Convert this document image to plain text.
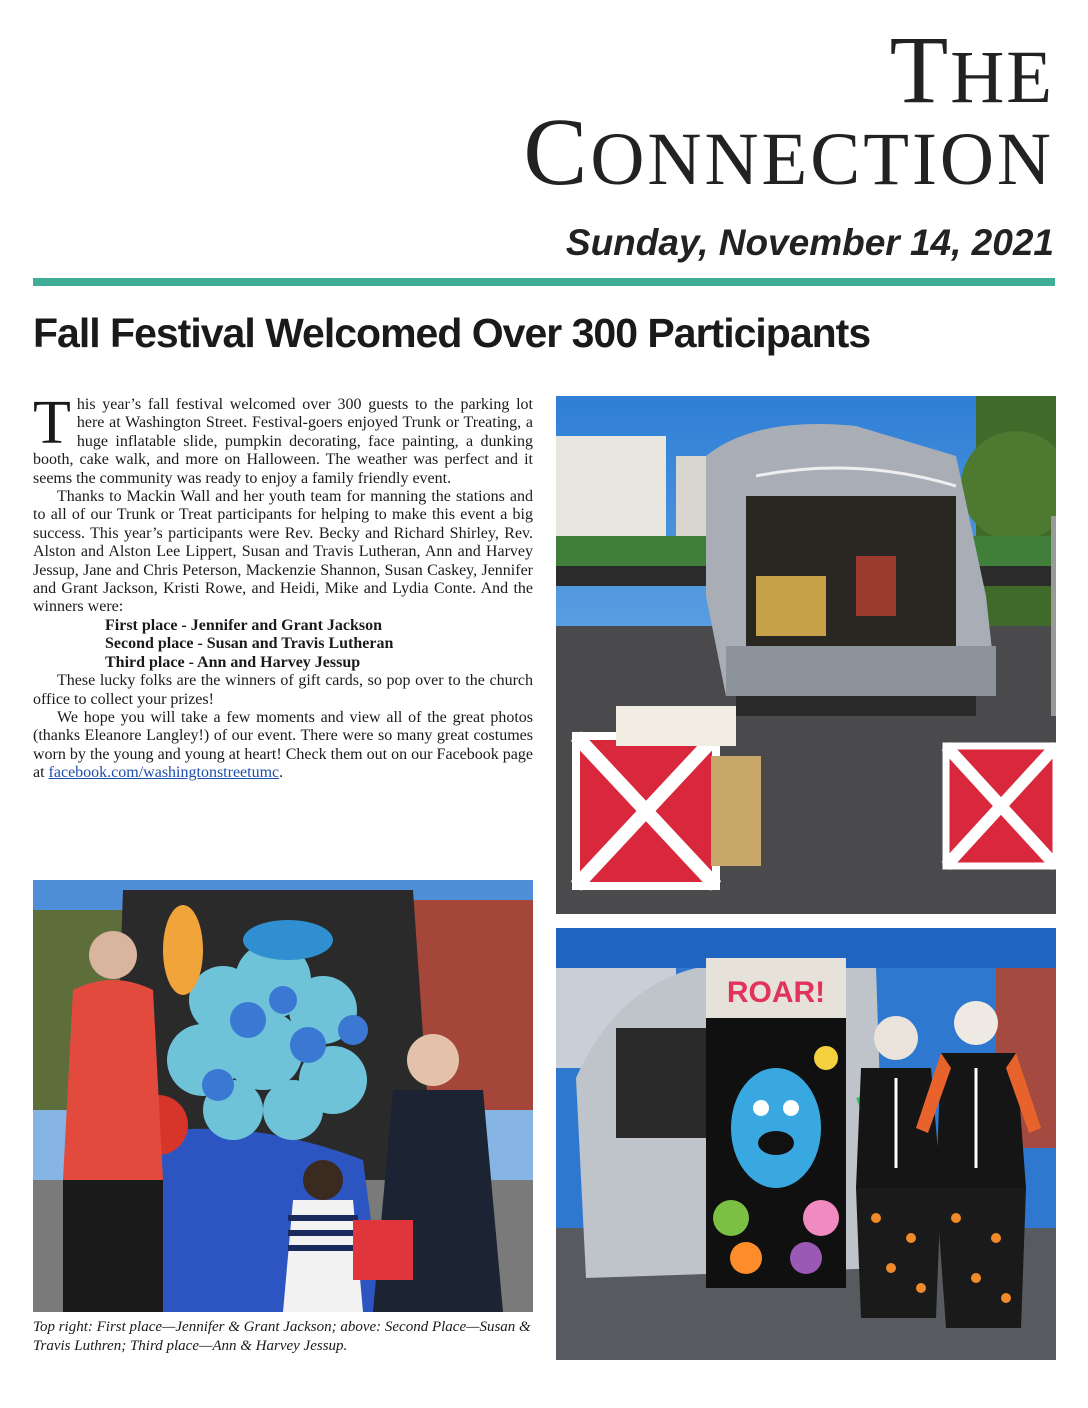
THE
CONNECTION
Sunday, November 14, 2021
Fall Festival Welcomed Over 300 Participants

This year’s fall festival welcomed over 300 guests to the parking lot here at Washington Street. Festival-goers enjoyed Trunk or Treating, a huge inflatable slide, pumpkin decorating, face painting, a dunking booth, cake walk, and more on Halloween. The weather was perfect and it seems the community was ready to enjoy a family friendly event.

Thanks to Mackin Wall and her youth team for manning the stations and to all of our Trunk or Treat participants for helping to make this event a big success. This year’s participants were Rev. Becky and Richard Shirley, Rev. Alston and Alston Lee Lippert, Susan and Travis Lutheran, Ann and Harvey Jessup, Jane and Chris Peterson, Mackenzie Shannon, Susan Caskey, Jennifer and Grant Jackson, Kristi Rowe, and Heidi, Mike and Lydia Conte. And the winners were:

First place - Jennifer and Grant Jackson
Second place - Susan and Travis Lutheran
Third place - Ann and Harvey Jessup

These lucky folks are the winners of gift cards, so pop over to the church office to collect your prizes!

We hope you will take a few moments and view all of the great photos (thanks Eleanore Langley!) of our event. There were so many great costumes worn by the young and young at heart! Check them out on our Facebook page at facebook.com/washingtonstreetumc.

ROAR!
Top right: First place—Jennifer & Grant Jackson; above: Second Place—Susan & Travis Luthren; Third place—Ann & Harvey Jessup.
